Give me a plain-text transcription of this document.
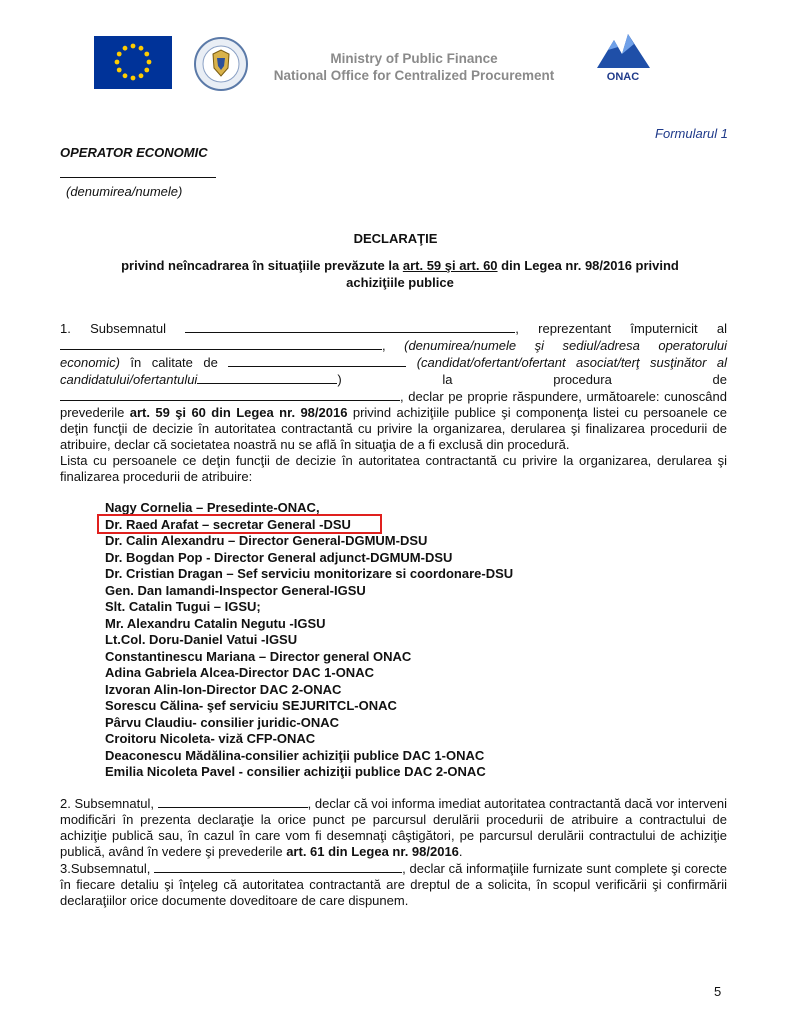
Ministry of Public Finance
National Office for Centralized Procurement	ONAC
Formularul 1
OPERATOR ECONOMIC
(denumirea/numele)
DECLARAŢIE
privind neîncadrarea în situaţiile prevăzute la art. 59 şi art. 60 din Legea nr. 98/2016 privind achiziţiile publice
1. Subsemnatul	, reprezentant împuternicit al , (denumirea/numele şi sediul/adresa operatorului economic) în calitate de	(candidat/ofertant/ofertant asociat/terţ susţinător al candidatului/ofertantului	) la procedura de , declar pe proprie răspundere, următoarele: cunoscând prevederile art. 59 şi 60 din Legea nr. 98/2016 privind achiziţiile publice şi componenţa listei cu persoanele ce deţin funcţii de decizie în autoritatea contractantă cu privire la organizarea, derularea şi finalizarea procedurii de atribuire, declar că societatea noastră nu se află în situaţia de a fi exclusă din procedură.
Lista cu persoanele ce deţin funcţii de decizie în autoritatea contractantă cu privire la organizarea, derularea şi finalizarea procedurii de atribuire:
Nagy Cornelia – Presedinte-ONAC,
Dr. Raed Arafat – secretar General -DSU
Dr. Calin Alexandru – Director General-DGMUM-DSU
Dr. Bogdan Pop - Director General adjunct-DGMUM-DSU
Dr. Cristian Dragan – Sef serviciu monitorizare si coordonare-DSU
Gen. Dan Iamandi-Inspector General-IGSU
Slt. Catalin Tugui – IGSU;
Mr. Alexandru Catalin Negutu -IGSU
Lt.Col. Doru-Daniel Vatui -IGSU
Constantinescu Mariana – Director general ONAC
Adina Gabriela Alcea-Director DAC 1-ONAC
Izvoran Alin-Ion-Director DAC 2-ONAC
Sorescu Călina- şef serviciu SEJURITCL-ONAC
Pârvu Claudiu- consilier juridic-ONAC
Croitoru Nicoleta- viză CFP-ONAC
Deaconescu Mădălina-consilier achiziţii publice DAC 1-ONAC
Emilia Nicoleta Pavel - consilier achiziţii publice DAC 2-ONAC
2. Subsemnatul,	, declar că voi informa imediat autoritatea contractantă dacă vor interveni modificări în prezenta declaraţie la orice punct pe parcursul derulării procedurii de atribuire a contractului de achiziţie publică sau, în cazul în care vom fi desemnaţi câştigători, pe parcursul derulării contractului de achiziţie publică, având în vedere şi prevederile art. 61 din Legea nr. 98/2016.
3.Subsemnatul,	, declar că informaţiile furnizate sunt complete şi corecte în fiecare detaliu şi înţeleg că autoritatea contractantă are dreptul de a solicita, în scopul verificării şi confirmării declaraţiilor orice documente doveditoare de care dispunem.
5
